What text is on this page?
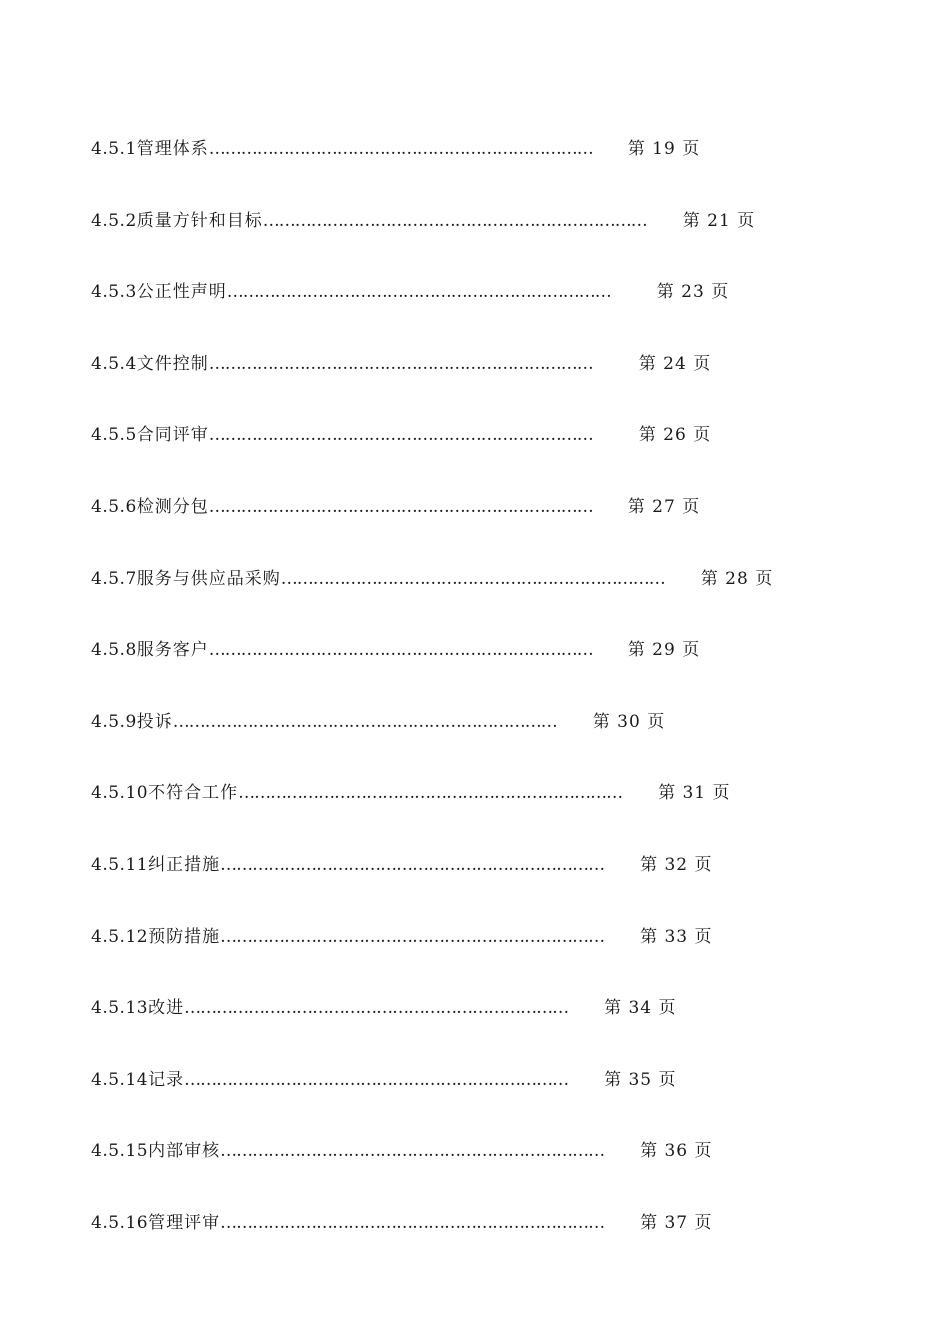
4.5.1 管理体系 ………………………………………………………………	第 19 页
4.5.2 质量方针和目标 ………………………………………………………………	第 21 页
4.5.3 公正性声明 ………………………………………………………………	第 23 页
4.5.4 文件控制 ………………………………………………………………	第 24 页
4.5.5 合同评审 ………………………………………………………………	第 26 页
4.5.6 检测分包 ………………………………………………………………	第 27 页
4.5.7 服务与供应品采购 ………………………………………………………………	第 28 页
4.5.8 服务客户 ………………………………………………………………	第 29 页
4.5.9 投诉 ………………………………………………………………	第 30 页
4.5.10 不符合工作 ………………………………………………………………	第 31 页
4.5.11 纠正措施 ………………………………………………………………	第 32 页
4.5.12 预防措施 ………………………………………………………………	第 33 页
4.5.13 改进 ………………………………………………………………	第 34 页
4.5.14 记录 ………………………………………………………………	第 35 页
4.5.15 内部审核 ………………………………………………………………	第 36 页
4.5.16 管理评审 ………………………………………………………………	第 37 页
